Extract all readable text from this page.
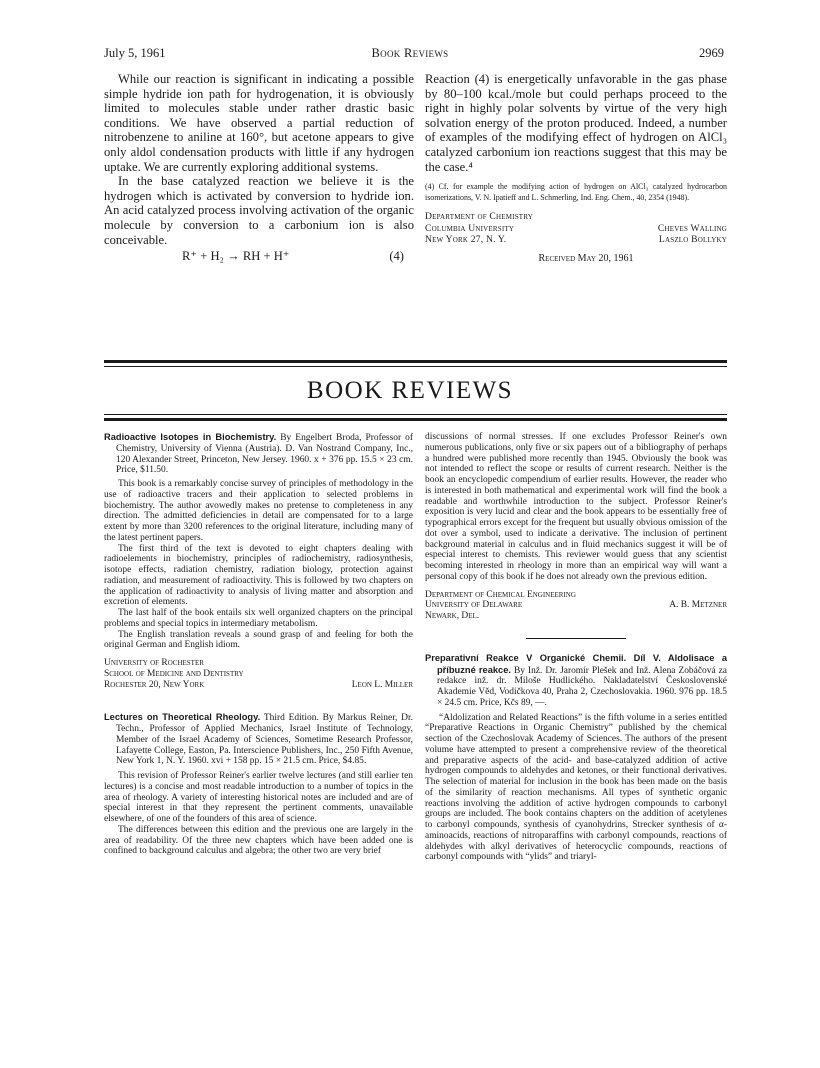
July 5, 1961	Book Reviews	2969

While our reaction is significant in indicating a possible simple hydride ion path for hydrogenation, it is obviously limited to molecules stable under rather drastic basic conditions. We have observed a partial reduction of nitrobenzene to aniline at 160°, but acetone appears to give only aldol condensation products with little if any hydrogen uptake. We are currently exploring additional systems.

In the base catalyzed reaction we believe it is the hydrogen which is activated by conversion to hydride ion. An acid catalyzed process involving activation of the organic molecule by conversion to a carbonium ion is also conceivable.

R⁺ + H₂ → RH + H⁺	(4)

Reaction (4) is energetically unfavorable in the gas phase by 80–100 kcal./mole but could perhaps proceed to the right in highly polar solvents by virtue of the very high solvation energy of the proton produced. Indeed, a number of examples of the modifying effect of hydrogen on AlCl₃ catalyzed carbonium ion reactions suggest that this may be the case.⁴

(4) Cf. for example the modifying action of hydrogen on AlCl₃ catalyzed hydrocarbon isomerizations, V. N. Ipatieff and L. Schmerling, Ind. Eng. Chem., 40, 2354 (1948).

Department of Chemistry
Columbia University	Cheves Walling
New York 27, N. Y.	Laszlo Bollyky
Received May 20, 1961
BOOK REVIEWS

Radioactive Isotopes in Biochemistry. By Engelbert Broda, Professor of Chemistry, University of Vienna (Austria). D. Van Nostrand Company, Inc., 120 Alexander Street, Princeton, New Jersey. 1960. x + 376 pp. 15.5 × 23 cm. Price, $11.50.

This book is a remarkably concise survey of principles of methodology in the use of radioactive tracers and their application to selected problems in biochemistry. The author avowedly makes no pretense to completeness in any direction. The admitted deficiencies in detail are compensated for to a large extent by more than 3200 references to the original literature, including many of the latest pertinent papers.

The first third of the text is devoted to eight chapters dealing with radioelements in biochemistry, principles of radiochemistry, radiosynthesis, isotope effects, radiation chemistry, radiation biology, protection against radiation, and measurement of radioactivity. This is followed by two chapters on the application of radioactivity to analysis of living matter and absorption and excretion of elements.

The last half of the book entails six well organized chapters on the principal problems and special topics in intermediary metabolism.

The English translation reveals a sound grasp of and feeling for both the original German and English idiom.

University of Rochester
School of Medicine and Dentistry
Rochester 20, New York	Leon L. Miller

Lectures on Theoretical Rheology. Third Edition. By Markus Reiner, Dr. Techn., Professor of Applied Mechanics, Israel Institute of Technology, Member of the Israel Academy of Sciences, Sometime Research Professor, Lafayette College, Easton, Pa. Interscience Publishers, Inc., 250 Fifth Avenue, New York 1, N. Y. 1960. xvi + 158 pp. 15 × 21.5 cm. Price, $4.85.

This revision of Professor Reiner's earlier twelve lectures (and still earlier ten lectures) is a concise and most readable introduction to a number of topics in the area of rheology. A variety of interesting historical notes are included and are of special interest in that they represent the pertinent comments, unavailable elsewhere, of one of the founders of this area of science.

The differences between this edition and the previous one are largely in the area of readability. Of the three new chapters which have been added one is confined to background calculus and algebra; the other two are very brief

discussions of normal stresses. If one excludes Professor Reiner's own numerous publications, only five or six papers out of a bibliography of perhaps a hundred were published more recently than 1945. Obviously the book was not intended to reflect the scope or results of current research. Neither is the book an encyclopedic compendium of earlier results. However, the reader who is interested in both mathematical and experimental work will find the book a readable and worthwhile introduction to the subject. Professor Reiner's exposition is very lucid and clear and the book appears to be essentially free of typographical errors except for the frequent but usually obvious omission of the dot over a symbol, used to indicate a derivative. The inclusion of pertinent background material in calculus and in fluid mechanics suggest it will be of especial interest to chemists. This reviewer would guess that any scientist becoming interested in rheology in more than an empirical way will want a personal copy of this book if he does not already own the previous edition.

Department of Chemical Engineering
University of Delaware	A. B. Metzner
Newark, Del.

Preparativní Reakce V Organické Chemii. Díl V. Aldolisace a příbuzné reakce. By Inž. Dr. Jaromír Plešek and Inž. Alena Zobáčová za redakce inž. dr. Miloše Hudlického. Nakladatelství Československé Akademie Věd, Vodičkova 40, Praha 2, Czechoslovakia. 1960. 976 pp. 18.5 × 24.5 cm. Price, Kčs 89, —.

“Aldolization and Related Reactions” is the fifth volume in a series entitled “Preparative Reactions in Organic Chemistry” published by the chemical section of the Czechoslovak Academy of Sciences. The authors of the present volume have attempted to present a comprehensive review of the theoretical and preparative aspects of the acid- and base-catalyzed addition of active hydrogen compounds to aldehydes and ketones, or their functional derivatives. The selection of material for inclusion in the book has been made on the basis of the similarity of reaction mechanisms. All types of synthetic organic reactions involving the addition of active hydrogen compounds to carbonyl groups are included. The book contains chapters on the addition of acetylenes to carbonyl compounds, synthesis of cyanohydrins, Strecker synthesis of α-aminoacids, reactions of nitroparaffins with carbonyl compounds, reactions of aldehydes with alkyl derivatives of heterocyclic compounds, reactions of carbonyl compounds with “ylids” and triaryl-
